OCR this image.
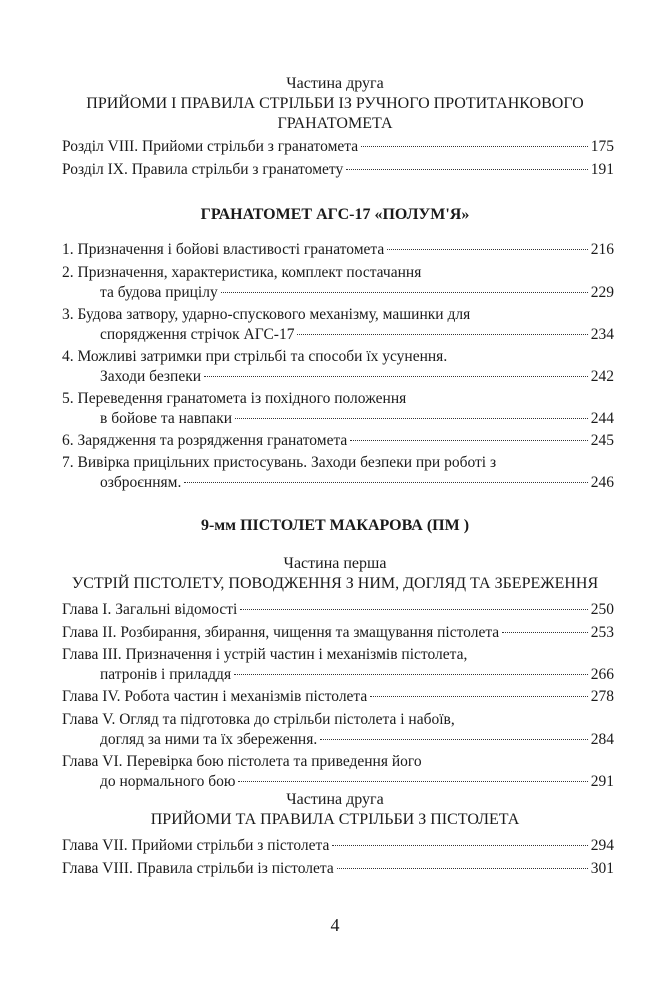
Частина друга
ПРИЙОМИ І ПРАВИЛА СТРІЛЬБИ ІЗ РУЧНОГО ПРОТИТАНКОВОГО
ГРАНАТОМЕТА
Розділ VIII. Прийоми стрільби з гранатомета	175
Розділ IX. Правила стрільби з гранатомету	191
ГРАНАТОМЕТ АГС-17 «ПОЛУМ'Я»
1. Призначення і бойові властивості гранатомета	216
2. Призначення, характеристика, комплект постачання
та будова прицілу	229
3. Будова затвору, ударно-спускового механізму, машинки для
спорядження стрічок АГС-17	234
4. Можливі затримки при стрільбі та способи їх усунення.
Заходи безпеки	242
5. Переведення гранатомета із похідного положення
в бойове та навпаки	244
6. Зарядження та розрядження гранатомета	245
7. Вивірка прицільних пристосувань. Заходи безпеки при роботі з
озброєнням.	246
9-мм ПІСТОЛЕТ МАКАРОВА (ПМ )
Частина перша
УСТРІЙ ПІСТОЛЕТУ, ПОВОДЖЕННЯ З НИМ, ДОГЛЯД ТА ЗБЕРЕЖЕННЯ
Глава I. Загальні відомості	250
Глава II. Розбирання, збирання, чищення та змащування пістолета	253
Глава III. Призначення і устрій частин і механізмів пістолета,
патронів і приладдя	266
Глава IV. Робота частин і механізмів пістолета	278
Глава V. Огляд та підготовка до стрільби пістолета і набоїв,
догляд за ними та їх збереження.	284
Глава VI. Перевірка бою пістолета та приведення його
до нормального бою	291
Частина друга
ПРИЙОМИ ТА ПРАВИЛА СТРІЛЬБИ З ПІСТОЛЕТА
Глава VII. Прийоми стрільби з пістолета	294
Глава VIII. Правила стрільби із пістолета	301
4
